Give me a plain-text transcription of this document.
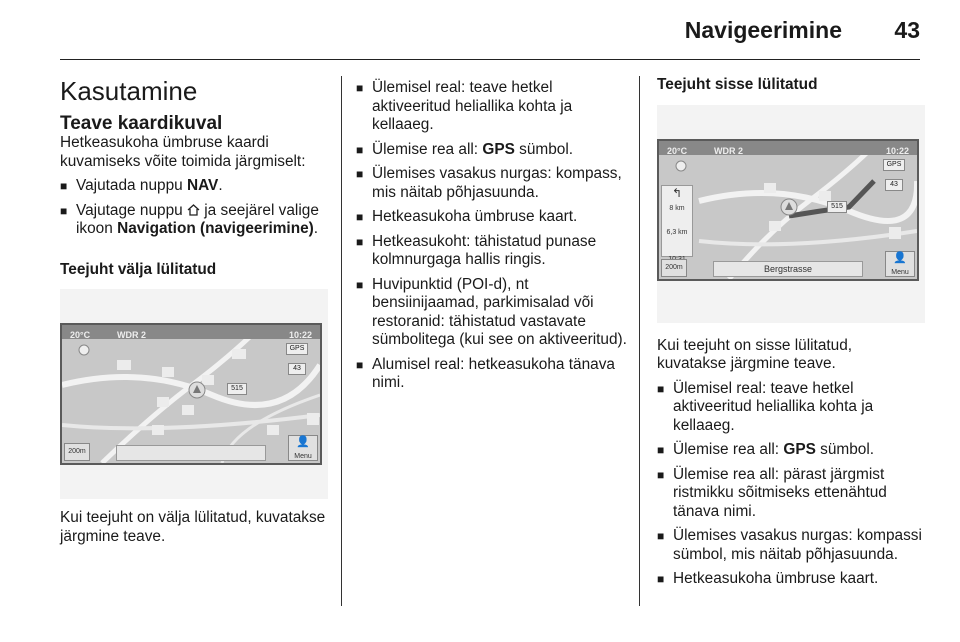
Navigeerimine 43
Kasutamine
Teave kaardikuval

Hetkeasukoha ümbruse kaardi kuvamiseks võite toimida järgmiselt:

■ Vajutada nuppu NAV.
■ Vajutage nuppu  ja seejärel valige ikoon Navigation (navigeerimine).
Teejuht välja lülitatud
20°C	WDR 2	10:22
GPS
43
515
200m
👤
Menu

Kui teejuht on välja lülitatud, kuvatakse järgmine teave.

■ Ülemisel real: teave hetkel aktiveeritud heliallika kohta ja kellaaeg.
■ Ülemise rea all: GPS sümbol.
■ Ülemises vasakus nurgas: kompass, mis näitab põhjasuunda.
■ Hetkeasukoha ümbruse kaart.
■ Hetkeasukoht: tähistatud punase kolmnurgaga hallis ringis.
■ Huvipunktid (POI-d), nt bensiinijaamad, parkimisalad või restoranid: tähistatud vastavate sümbolitega (kui see on aktiveeritud).
■ Alumisel real: hetkeasukoha tänava nimi.
Teejuht sisse lülitatud
20°C	WDR 2	10:22
GPS
43
515
↰
8 km
6,3 km
200m	Bergstrasse
👤
Menu

Kui teejuht on sisse lülitatud, kuvatakse järgmine teave.

■ Ülemisel real: teave hetkel aktiveeritud heliallika kohta ja kellaaeg.
■ Ülemise rea all: GPS sümbol.
■ Ülemise rea all: pärast järgmist ristmikku sõitmiseks ettenähtud tänava nimi.
■ Ülemises vasakus nurgas: kompassi sümbol, mis näitab põhjasuunda.
■ Hetkeasukoha ümbruse kaart.
